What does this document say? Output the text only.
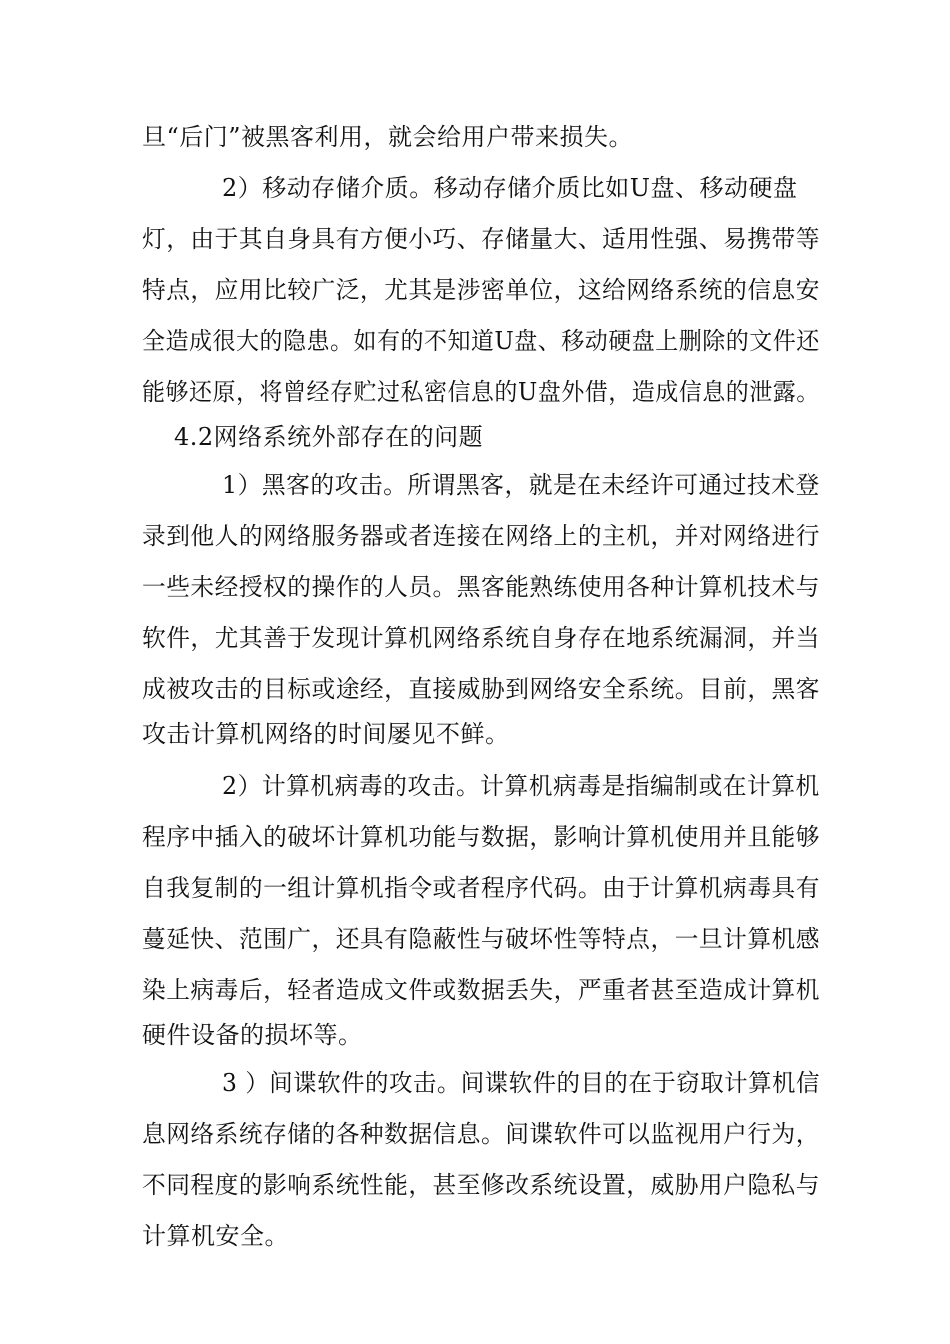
旦“后门”被黑客利用，就会给用户带来损失。
2）移动存储介质。移动存储介质比如U盘、移动硬盘
灯，由于其自身具有方便小巧、存储量大、适用性强、易携带等
特点，应用比较广泛，尤其是涉密单位，这给网络系统的信息安
全造成很大的隐患。如有的不知道U盘、移动硬盘上删除的文件还
能够还原，将曾经存贮过私密信息的U盘外借，造成信息的泄露。
4.2网络系统外部存在的问题
1）黑客的攻击。所谓黑客，就是在未经许可通过技术登
录到他人的网络服务器或者连接在网络上的主机，并对网络进行
一些未经授权的操作的人员。黑客能熟练使用各种计算机技术与
软件，尤其善于发现计算机网络系统自身存在地系统漏洞，并当
成被攻击的目标或途经，直接威胁到网络安全系统。目前，黑客
攻击计算机网络的时间屡见不鲜。
2）计算机病毒的攻击。计算机病毒是指编制或在计算机
程序中插入的破坏计算机功能与数据，影响计算机使用并且能够
自我复制的一组计算机指令或者程序代码。由于计算机病毒具有
蔓延快、范围广，还具有隐蔽性与破坏性等特点，一旦计算机感
染上病毒后，轻者造成文件或数据丢失，严重者甚至造成计算机
硬件设备的损坏等。
3 ）间谍软件的攻击。间谍软件的目的在于窃取计算机信
息网络系统存储的各种数据信息。间谍软件可以监视用户行为，
不同程度的影响系统性能，甚至修改系统设置，威胁用户隐私与
计算机安全。
